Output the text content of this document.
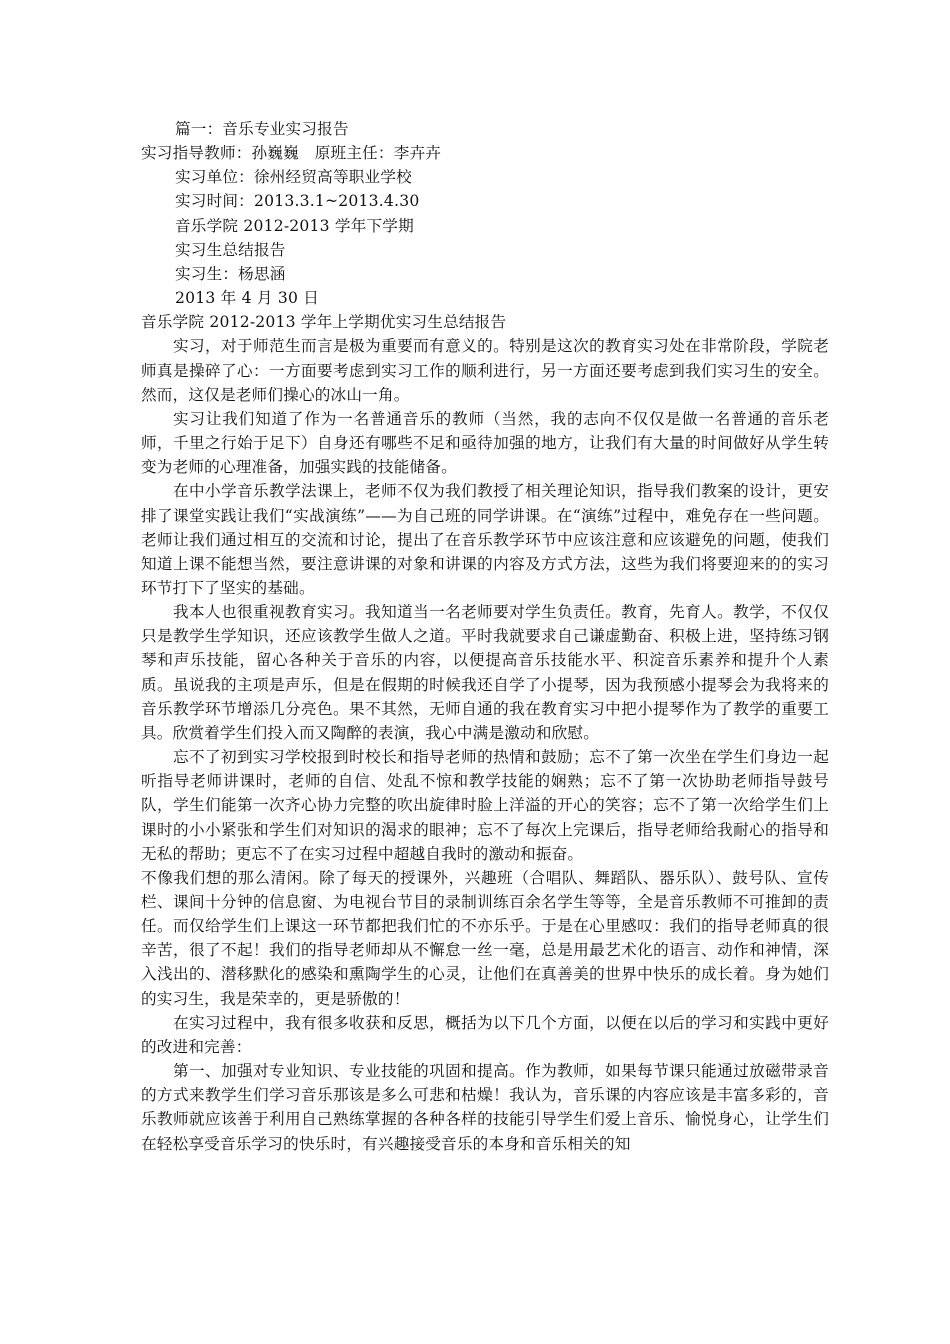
篇一：音乐专业实习报告

实习指导教师：孙巍巍　原班主任：李卉卉

实习单位：徐州经贸高等职业学校

实习时间：2013.3.1~2013.4.30

音乐学院 2012-2013 学年下学期

实习生总结报告

实习生：杨思涵

2013 年 4 月 30 日

音乐学院 2012-2013 学年上学期优实习生总结报告

实习，对于师范生而言是极为重要而有意义的。特别是这次的教育实习处在非常阶段，学院老师真是操碎了心：一方面要考虑到实习工作的顺利进行，另一方面还要考虑到我们实习生的安全。然而，这仅是老师们操心的冰山一角。

实习让我们知道了作为一名普通音乐的教师（当然，我的志向不仅仅是做一名普通的音乐老师，千里之行始于足下）自身还有哪些不足和亟待加强的地方，让我们有大量的时间做好从学生转变为老师的心理准备，加强实践的技能储备。

在中小学音乐教学法课上，老师不仅为我们教授了相关理论知识，指导我们教案的设计，更安排了课堂实践让我们“实战演练”——为自己班的同学讲课。在“演练”过程中，难免存在一些问题。老师让我们通过相互的交流和讨论，提出了在音乐教学环节中应该注意和应该避免的问题，使我们知道上课不能想当然，要注意讲课的对象和讲课的内容及方式方法，这些为我们将要迎来的的实习环节打下了坚实的基础。

我本人也很重视教育实习。我知道当一名老师要对学生负责任。教育，先育人。教学，不仅仅只是教学生学知识，还应该教学生做人之道。平时我就要求自己谦虚勤奋、积极上进，坚持练习钢琴和声乐技能，留心各种关于音乐的内容，以便提高音乐技能水平、积淀音乐素养和提升个人素质。虽说我的主项是声乐，但是在假期的时候我还自学了小提琴，因为我预感小提琴会为我将来的音乐教学环节增添几分亮色。果不其然，无师自通的我在教育实习中把小提琴作为了教学的重要工具。欣赏着学生们投入而又陶醉的表演，我心中满是激动和欣慰。

忘不了初到实习学校报到时校长和指导老师的热情和鼓励；忘不了第一次坐在学生们身边一起听指导老师讲课时，老师的自信、处乱不惊和教学技能的娴熟；忘不了第一次协助老师指导鼓号队，学生们能第一次齐心协力完整的吹出旋律时脸上洋溢的开心的笑容；忘不了第一次给学生们上课时的小小紧张和学生们对知识的渴求的眼神；忘不了每次上完课后，指导老师给我耐心的指导和无私的帮助；更忘不了在实习过程中超越自我时的激动和振奋。

不像我们想的那么清闲。除了每天的授课外，兴趣班（合唱队、舞蹈队、器乐队）、鼓号队、宣传栏、课间十分钟的信息窗、为电视台节目的录制训练百余名学生等等，全是音乐教师不可推卸的责任。而仅给学生们上课这一环节都把我们忙的不亦乐乎。于是在心里感叹：我们的指导老师真的很辛苦，很了不起！我们的指导老师却从不懈怠一丝一毫，总是用最艺术化的语言、动作和神情，深入浅出的、潜移默化的感染和熏陶学生的心灵，让他们在真善美的世界中快乐的成长着。身为她们的实习生，我是荣幸的，更是骄傲的！

在实习过程中，我有很多收获和反思，概括为以下几个方面，以便在以后的学习和实践中更好的改进和完善：

第一、加强对专业知识、专业技能的巩固和提高。作为教师，如果每节课只能通过放磁带录音的方式来教学生们学习音乐那该是多么可悲和枯燥！我认为，音乐课的内容应该是丰富多彩的，音乐教师就应该善于利用自己熟练掌握的各种各样的技能引导学生们爱上音乐、愉悦身心，让学生们在轻松享受音乐学习的快乐时，有兴趣接受音乐的本身和音乐相关的知
